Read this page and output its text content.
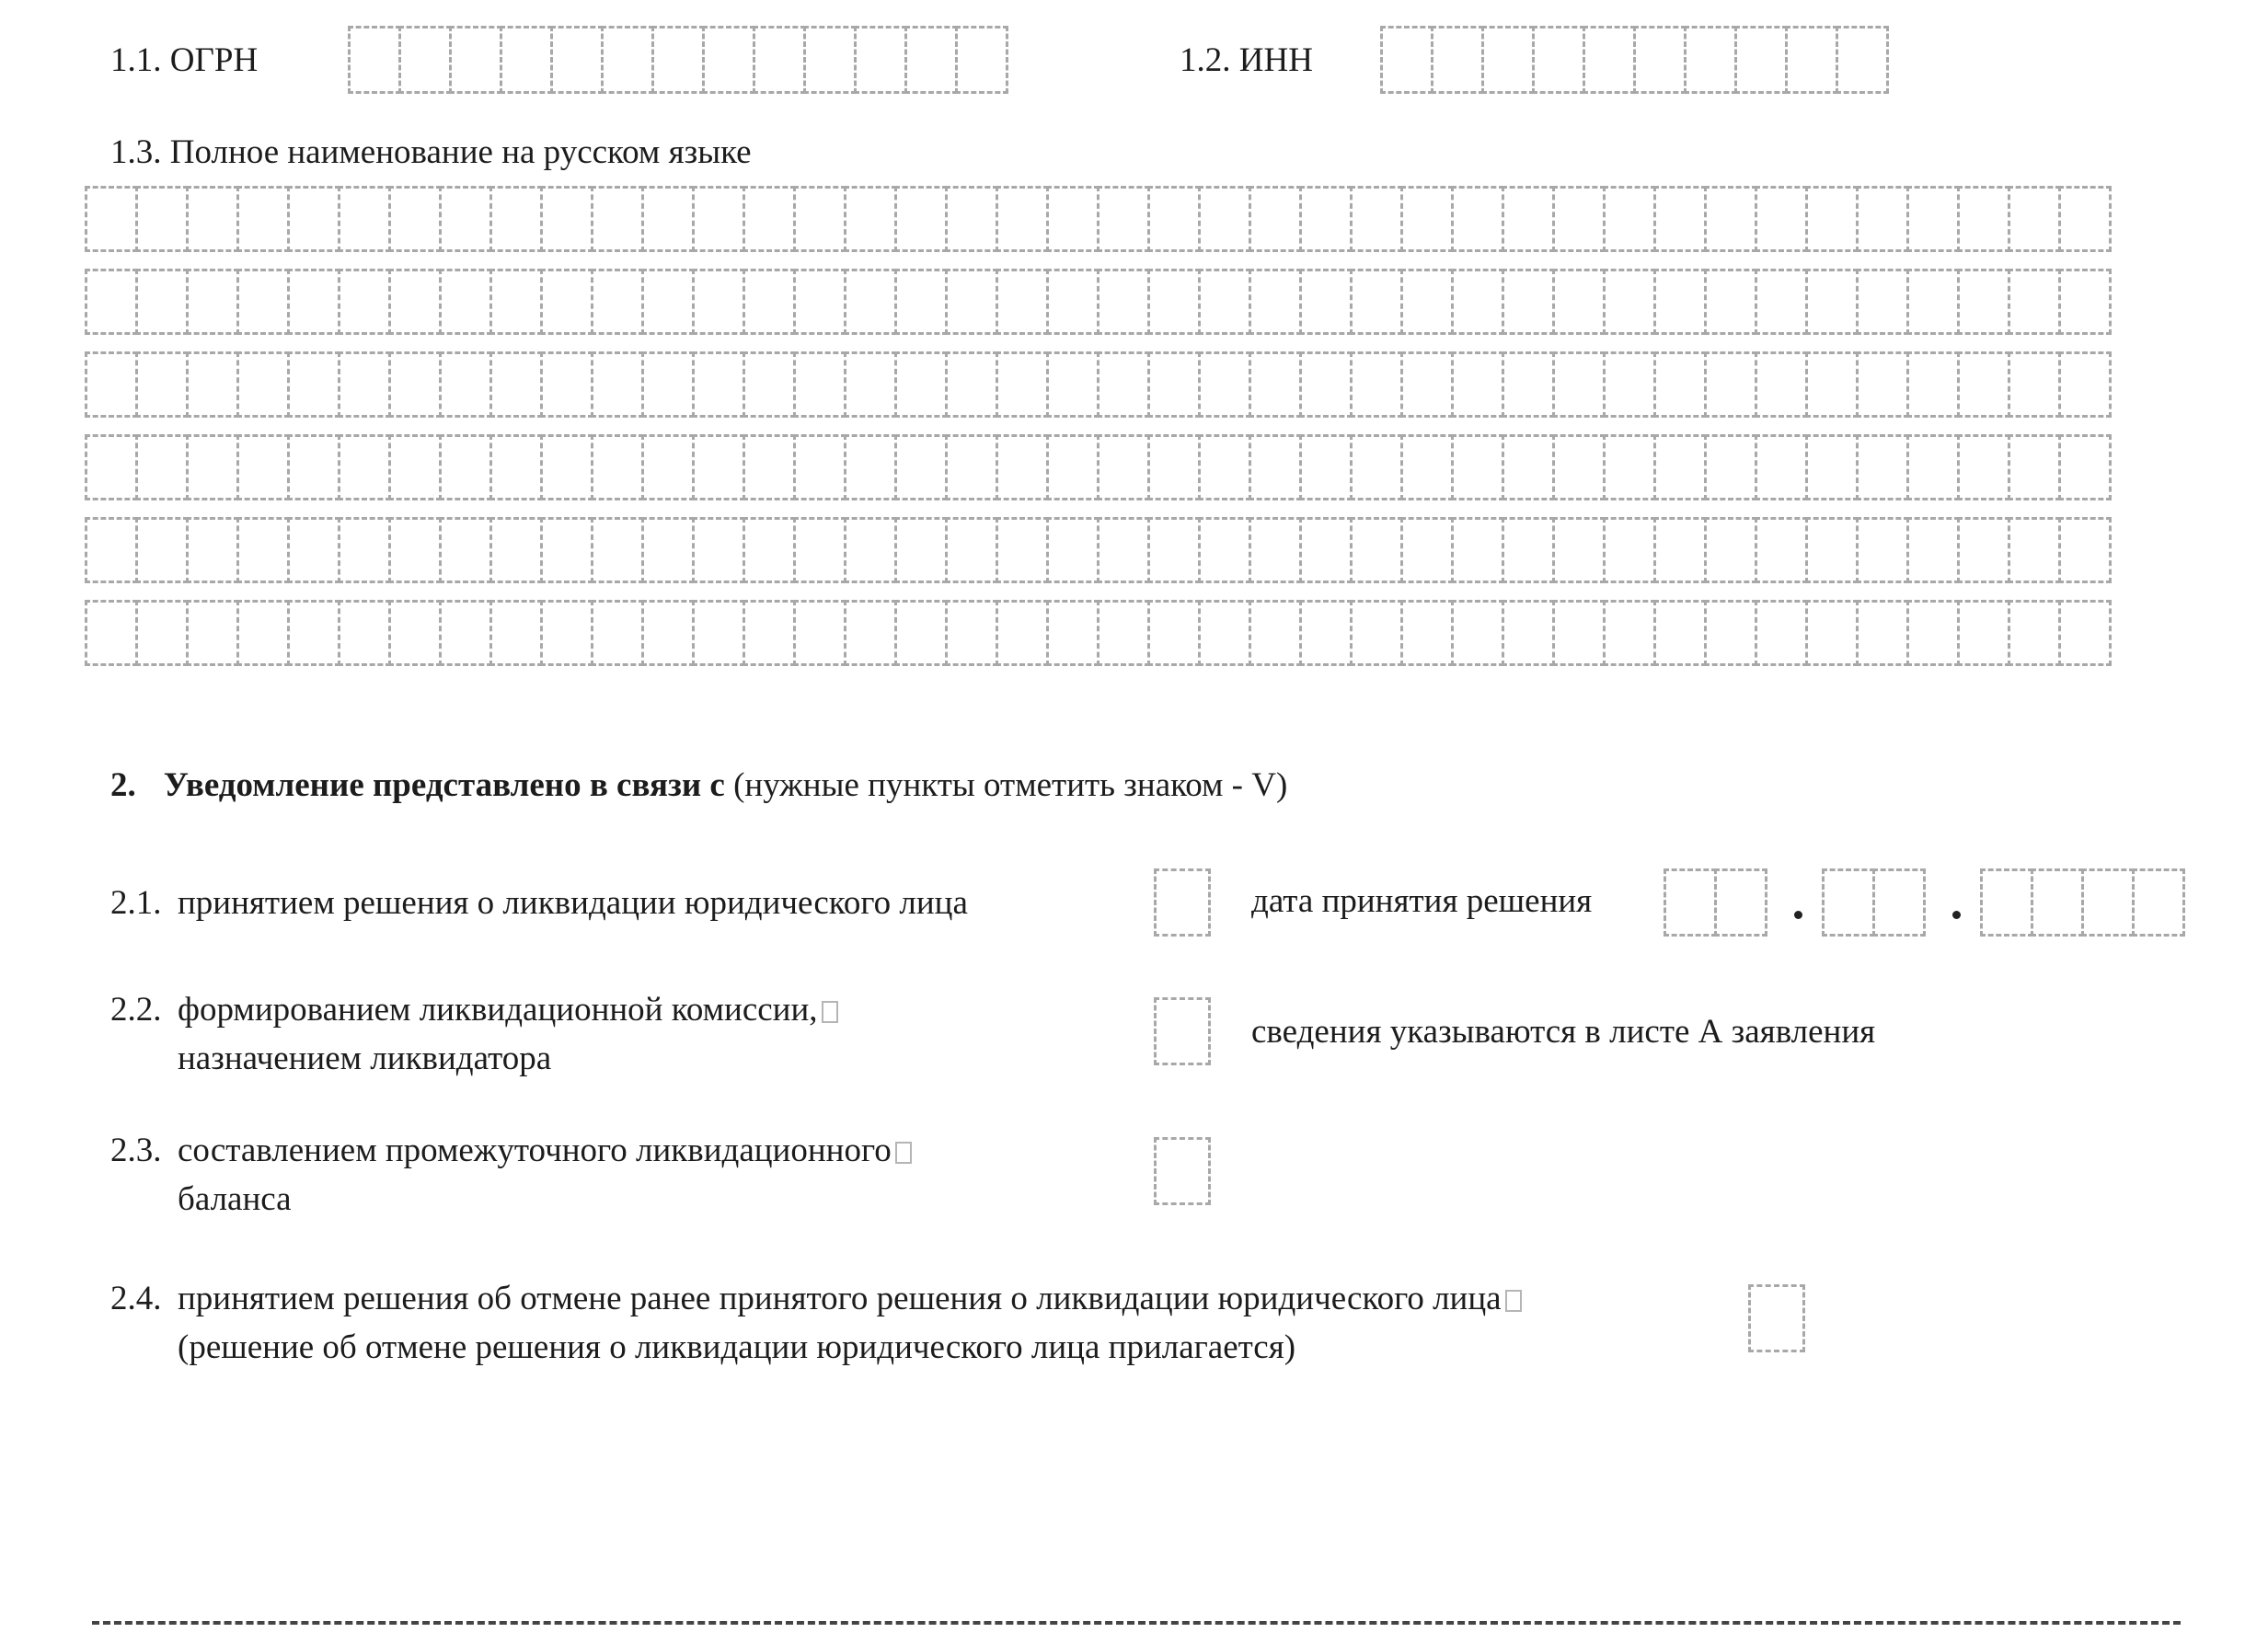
1.1. ОГРН	1.2. ИНН
1.3. Полное наименование на русском языке
2. Уведомление представлено в связи с (нужные пункты отметить знаком - V)
2.1. принятием решения о ликвидации юридического лица	дата принятия решения
2.2. формированием ликвидационной комиссии,
назначением ликвидатора
сведения указываются в листе А заявления
2.3. составлением промежуточного ликвидационного
баланса
2.4. принятием решения об отмене ранее принятого решения о ликвидации юридического лица
(решение об отмене решения о ликвидации юридического лица прилагается)
